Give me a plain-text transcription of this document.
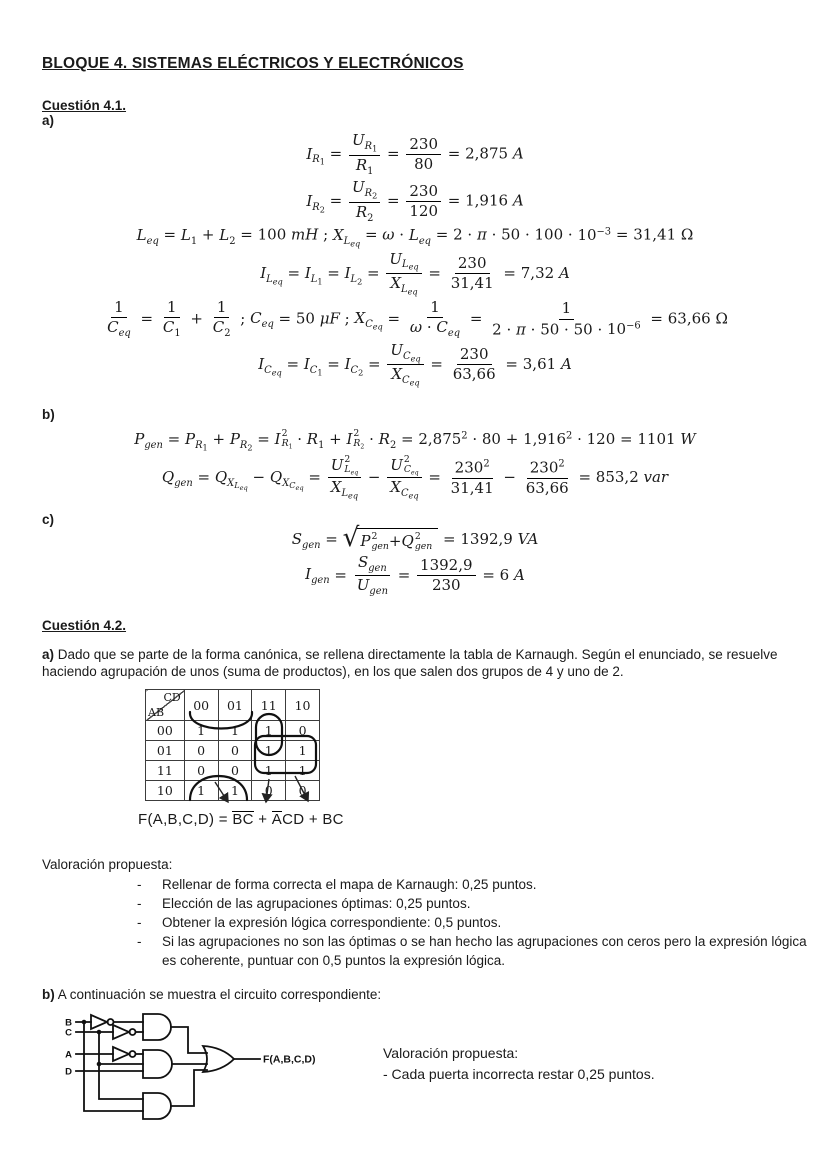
BLOQUE 4. SISTEMAS ELÉCTRICOS Y ELECTRÓNICOS
Cuestión 4.1.
a)
$I_{R_1} = \frac{U_{R_1}}{R_1} = \frac{230}{80} = 2,875$ A
$I_{R_2} = \frac{U_{R_2}}{R_2} = \frac{230}{120} = 1,916$ A
$L_{eq} = L_1 + L_2 = 100$ mH ; $X_{L_{eq}} = \omega \cdot L_{eq} = 2 \cdot \pi \cdot 50 \cdot 100 \cdot 10^{-3} = 31,41$ Ω
$I_{L_{eq}} = I_{L_1} = I_{L_2} = \frac{U_{L_{eq}}}{X_{L_{eq}}} = \frac{230}{31,41} = 7,32$ A
$\frac{1}{C_{eq}} = \frac{1}{C_1} + \frac{1}{C_2}$ ; $C_{eq} = 50$ μF ; $X_{C_{eq}} = \frac{1}{\omega \cdot C_{eq}} = \frac{1}{2 \cdot \pi \cdot 50 \cdot 50 \cdot 10^{-6}} = 63,66$ Ω
$I_{C_{eq}} = I_{C_1} = I_{C_2} = \frac{U_{C_{eq}}}{X_{C_{eq}}} = \frac{230}{63,66} = 3,61$ A
b)
$P_{gen} = P_{R_1} + P_{R_2} = I$ 2
$R_1 \cdot R_1 + I$ 2
$R_2 \cdot R_2 = 2,875^2 \cdot 80 + 1,916^2 \cdot 120 = 1101$ W
$Q_{gen} = Q_{X_{L_{eq}}} - Q_{X_{C_{eq}}} = U$ 2
$L_{eq}$
$X_{L_{eq}} - U$ 2
$C_{eq}$
$X_{C_{eq}} = \frac{230^2}{31,41} - \frac{230^2}{63,66} = 853,2$ var
c)
$S_{gen}$ = √ P 2
gen + Q 2
gen = 1392,9 VA
$I_{gen} = \frac{S_{gen}}{U_{gen}} = \frac{1392,9}{230} = 6$ A
Cuestión 4.2.

a) Dado que se parte de la forma canónica, se rellena directamente la tabla de Karnaugh. Según el enunciado, se resuelve haciendo agrupación de unos (suma de productos), en los que salen dos grupos de 4 y uno de 2.

CD
AB	00	01	11	10
00	1	1	1	0
01	0	0	1	1
11	0	0	1	1
10	1	1	0	0
F(A,B,C,D) = BC + ACD + BC
Valoración propuesta:
-	Rellenar de forma correcta el mapa de Karnaugh: 0,25 puntos.
-	Elección de las agrupaciones óptimas: 0,25 puntos.
-	Obtener la expresión lógica correspondiente: 0,5 puntos.
-	Si las agrupaciones no son las óptimas o se han hecho las agrupaciones con ceros pero la expresión lógica es coherente, puntuar con 0,5 puntos la expresión lógica.

b) A continuación se muestra el circuito correspondiente:

B
C
A
D
F(A,B,C,D)	Valoración propuesta:
- Cada puerta incorrecta restar 0,25 puntos.
